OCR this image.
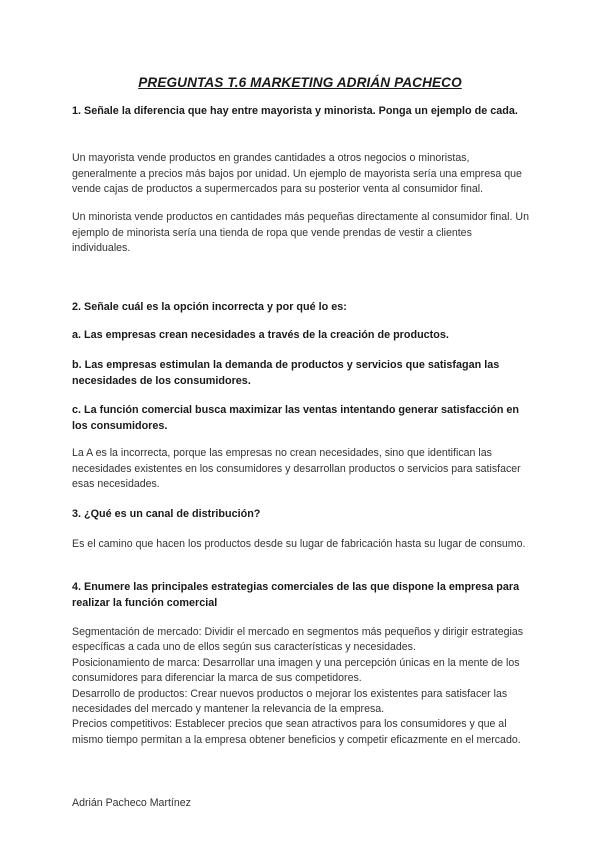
PREGUNTAS T.6 MARKETING ADRIÁN PACHECO

1. Señale la diferencia que hay entre mayorista y minorista. Ponga un ejemplo de cada.

Un mayorista vende productos en grandes cantidades a otros negocios o minoristas, generalmente a precios más bajos por unidad. Un ejemplo de mayorista sería una empresa que vende cajas de productos a supermercados para su posterior venta al consumidor final.

Un minorista vende productos en cantidades más pequeñas directamente al consumidor final. Un ejemplo de minorista sería una tienda de ropa que vende prendas de vestir a clientes individuales.

2. Señale cuál es la opción incorrecta y por qué lo es:

a. Las empresas crean necesidades a través de la creación de productos.

b. Las empresas estimulan la demanda de productos y servicios que satisfagan las necesidades de los consumidores.

c. La función comercial busca maximizar las ventas intentando generar satisfacción en los consumidores.

La A es la incorrecta, porque las empresas no crean necesidades, sino que identifican las necesidades existentes en los consumidores y desarrollan productos o servicios para satisfacer esas necesidades.

3. ¿Qué es un canal de distribución?

Es el camino que hacen los productos desde su lugar de fabricación hasta su lugar de consumo.

4. Enumere las principales estrategias comerciales de las que dispone la empresa para realizar la función comercial

Segmentación de mercado: Dividir el mercado en segmentos más pequeños y dirigir estrategias específicas a cada uno de ellos según sus características y necesidades.
Posicionamiento de marca: Desarrollar una imagen y una percepción únicas en la mente de los consumidores para diferenciar la marca de sus competidores.
Desarrollo de productos: Crear nuevos productos o mejorar los existentes para satisfacer las necesidades del mercado y mantener la relevancia de la empresa.
Precios competitivos: Establecer precios que sean atractivos para los consumidores y que al mismo tiempo permitan a la empresa obtener beneficios y competir eficazmente en el mercado.
Adrián Pacheco Martínez
